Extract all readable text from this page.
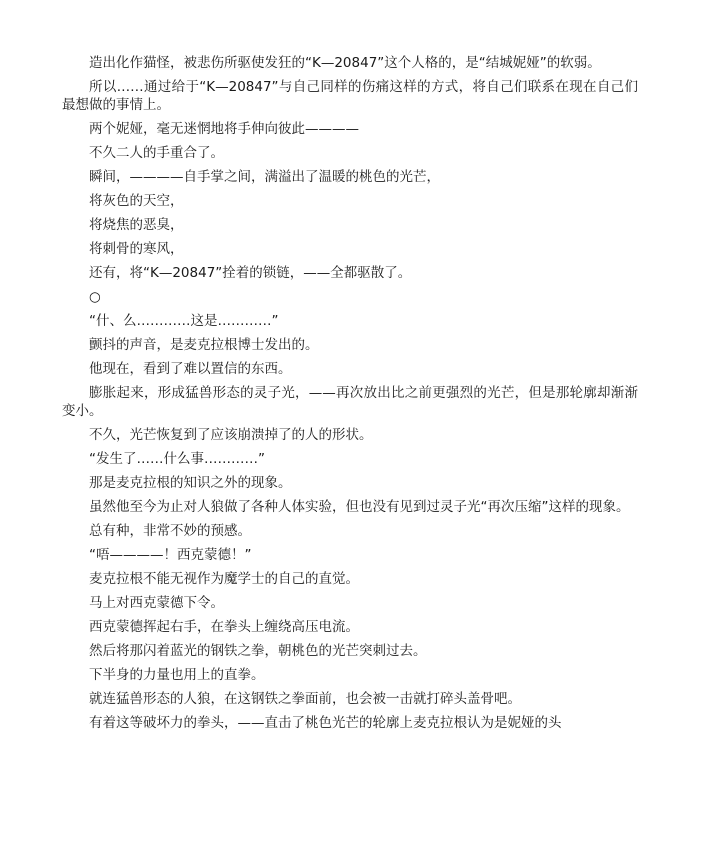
造出化作猫怪，被悲伤所驱使发狂的“K—20847”这个人格的，是“结城妮娅”的软弱。

所以……通过给于“K—20847”与自己同样的伤痛这样的方式，将自己们联系在现在自己们最想做的事情上。

两个妮娅，毫无迷惘地将手伸向彼此————

不久二人的手重合了。

瞬间，————自手掌之间，满溢出了温暖的桃色的光芒，

将灰色的天空，

将烧焦的恶臭，

将刺骨的寒风，

还有，将“K—20847”拴着的锁链，——全都驱散了。

○

“什、么…………这是…………”

颤抖的声音，是麦克拉根博士发出的。

他现在，看到了难以置信的东西。

膨胀起来，形成猛兽形态的灵子光，——再次放出比之前更强烈的光芒，但是那轮廓却渐渐变小。

不久，光芒恢复到了应该崩溃掉了的人的形状。

“发生了……什么事…………”

那是麦克拉根的知识之外的现象。

虽然他至今为止对人狼做了各种人体实验，但也没有见到过灵子光“再次压缩”这样的现象。

总有种，非常不妙的预感。

“唔————！西克蒙德！”

麦克拉根不能无视作为魔学士的自己的直觉。

马上对西克蒙德下令。

西克蒙德挥起右手，在拳头上缠绕高压电流。

然后将那闪着蓝光的钢铁之拳，朝桃色的光芒突刺过去。

下半身的力量也用上的直拳。

就连猛兽形态的人狼，在这钢铁之拳面前，也会被一击就打碎头盖骨吧。

有着这等破坏力的拳头，——直击了桃色光芒的轮廓上麦克拉根认为是妮娅的头
